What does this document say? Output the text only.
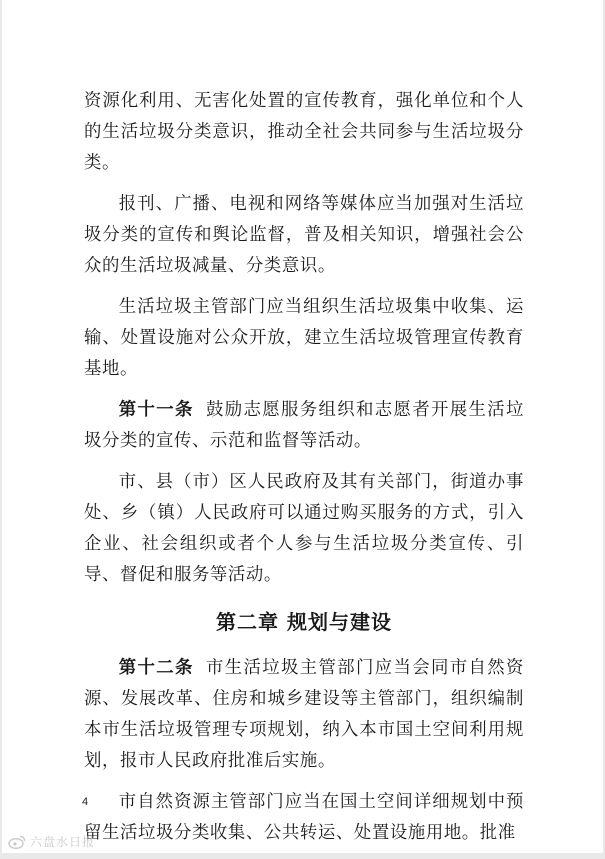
资源化利用、无害化处置的宣传教育，强化单位和个人的生活垃圾分类意识，推动全社会共同参与生活垃圾分类。

报刊、广播、电视和网络等媒体应当加强对生活垃圾分类的宣传和舆论监督，普及相关知识，增强社会公众的生活垃圾减量、分类意识。

生活垃圾主管部门应当组织生活垃圾集中收集、运输、处置设施对公众开放，建立生活垃圾管理宣传教育基地。

第十一条 鼓励志愿服务组织和志愿者开展生活垃圾分类的宣传、示范和监督等活动。

市、县（市）区人民政府及其有关部门，街道办事处、乡（镇）人民政府可以通过购买服务的方式，引入企业、社会组织或者个人参与生活垃圾分类宣传、引导、督促和服务等活动。

第二章 规划与建设

第十二条 市生活垃圾主管部门应当会同市自然资源、发展改革、住房和城乡建设等主管部门，组织编制本市生活垃圾管理专项规划，纳入本市国土空间利用规划，报市人民政府批准后实施。

市自然资源主管部门应当在国土空间详细规划中预留生活垃圾分类收集、公共转运、处置设施用地。批准

4
六盘水日报
